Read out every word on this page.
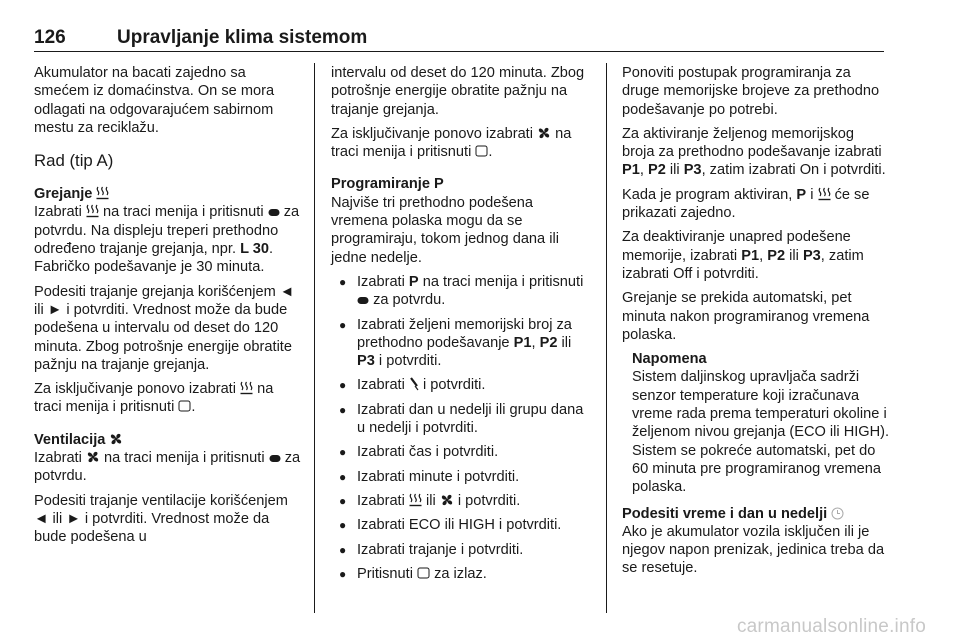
126	Upravljanje klima sistemom

Akumulator na bacati zajedno sa smećem iz domaćinstva. On se mora odlagati na odgovarajućem sabirnom mestu za reciklažu.

Rad (tip A)
Grejanje

Izabrati na traci menija i pritisnuti za potvrdu. Na displeju treperi prethodno određeno trajanje grejanja, npr. L 30. Fabričko podešavanje je 30 minuta.

Podesiti trajanje grejanja korišćenjem ◄ ili ► i potvrditi. Vrednost može da bude podešena u intervalu od deset do 120 minuta. Zbog potrošnje energije obratite pažnju na trajanje grejanja.

Za isključivanje ponovo izabrati na traci menija i pritisnuti .

Ventilacija

Izabrati na traci menija i pritisnuti za potvrdu.

Podesiti trajanje ventilacije korišćenjem ◄ ili ► i potvrditi. Vrednost može da bude podešena u

intervalu od deset do 120 minuta. Zbog potrošnje energije obratite pažnju na trajanje grejanja.

Za isključivanje ponovo izabrati na traci menija i pritisnuti .

Programiranje P

Najviše tri prethodno podešena vremena polaska mogu da se programiraju, tokom jednog dana ili jedne nedelje.

● Izabrati P na traci menija i pritisnuti
za potvrdu.
● Izabrati željeni memorijski broj za prethodno podešavanje P1, P2 ili P3 i potvrditi.
● Izabrati i potvrditi.
● Izabrati dan u nedelji ili grupu dana u nedelji i potvrditi.
● Izabrati čas i potvrditi.
● Izabrati minute i potvrditi.
● Izabrati ili i potvrditi.
● Izabrati ECO ili HIGH i potvrditi.
● Izabrati trajanje i potvrditi.
● Pritisnuti za izlaz.

Ponoviti postupak programiranja za druge memorijske brojeve za prethodno podešavanje po potrebi.

Za aktiviranje željenog memorijskog broja za prethodno podešavanje izabrati P1, P2 ili P3, zatim izabrati On i potvrditi.

Kada je program aktiviran, P i će se prikazati zajedno.

Za deaktiviranje unapred podešene memorije, izabrati P1, P2 ili P3, zatim izabrati Off i potvrditi.

Grejanje se prekida automatski, pet minuta nakon programiranog vremena polaska.

Napomena
Sistem daljinskog upravljača sadrži senzor temperature koji izračunava vreme rada prema temperaturi okoline i željenom nivou grejanja (ECO ili HIGH). Sistem se pokreće automatski, pet do 60 minuta pre programiranog vremena polaska.
Podesiti vreme i dan u nedelji

Ako je akumulator vozila isključen ili je njegov napon prenizak, jedinica treba da se resetuje.

carmanualsonline.info
